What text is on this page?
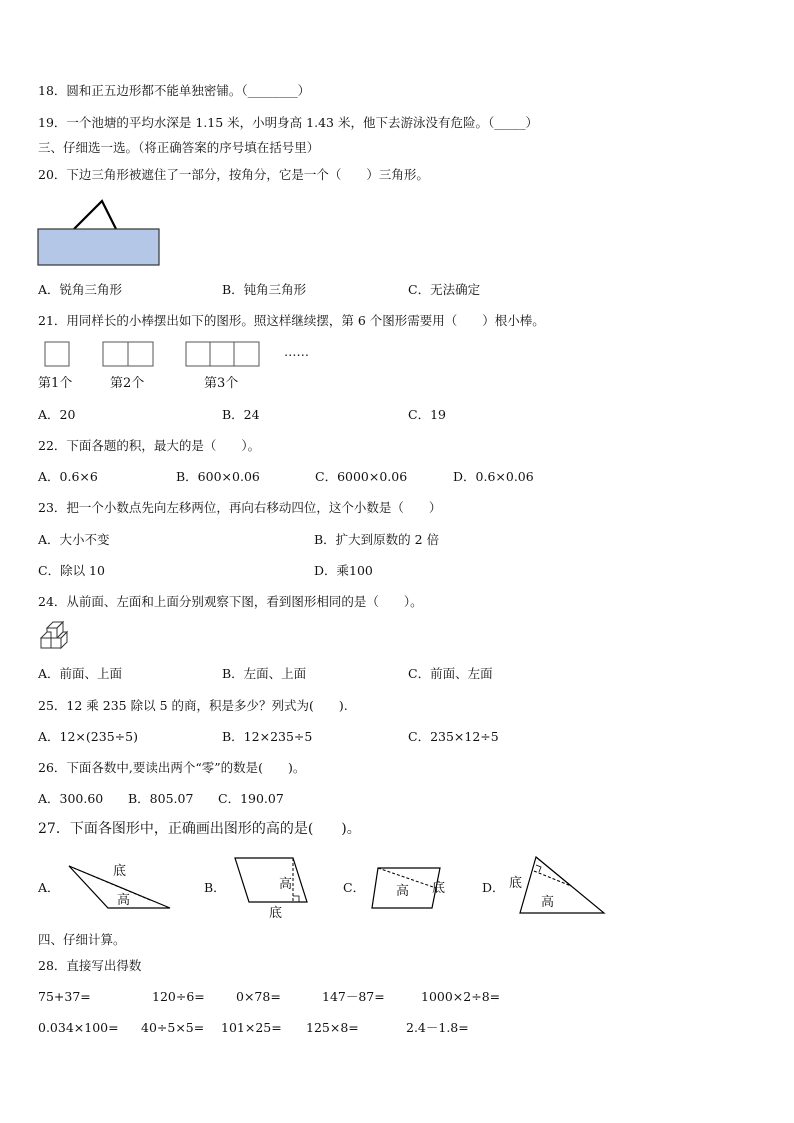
18．圆和正五边形都不能单独密铺。（________）
19．一个池塘的平均水深是 1.15 米，小明身高 1.43 米，他下去游泳没有危险。（_____）
三、仔细选一选。（将正确答案的序号填在括号里）
20．下边三角形被遮住了一部分，按角分，它是一个（　　）三角形。
A．锐角三角形	B．钝角三角形	C．无法确定
21．用同样长的小棒摆出如下的图形。照这样继续摆，第 6 个图形需要用（　　）根小棒。
……
第1个	第2个	第3个
A．20	B．24	C．19
22．下面各题的积，最大的是（　　）。
A．0.6×6	B．600×0.06	C．6000×0.06	D．0.6×0.06
23．把一个小数点先向左移两位，再向右移动四位，这个小数是（　　）
A．大小不变	B．扩大到原数的 2 倍
C．除以 10	D．乘100
24．从前面、左面和上面分别观察下图，看到图形相同的是（　　）。
A．前面、上面	B．左面、上面	C．前面、左面
25．12 乘 235 除以 5 的商，积是多少？列式为(　　).
A．12×(235÷5)	B．12×235÷5	C．235×12÷5
26．下面各数中,要读出两个“零”的数是(　　)。
A．300.60 B．805.07 C．190.07
27．下面各图形中，正确画出图形的高的是(　　)。
A．
底
高
B．	高
底
C． 高 底	D． 底
高
四、仔细计算。
28．直接写出得数
75+37=	120÷6= 0×78=	147－87=	1000×2÷8=
0.034×100= 40÷5×5= 101×25= 125×8=	2.4－1.8=
